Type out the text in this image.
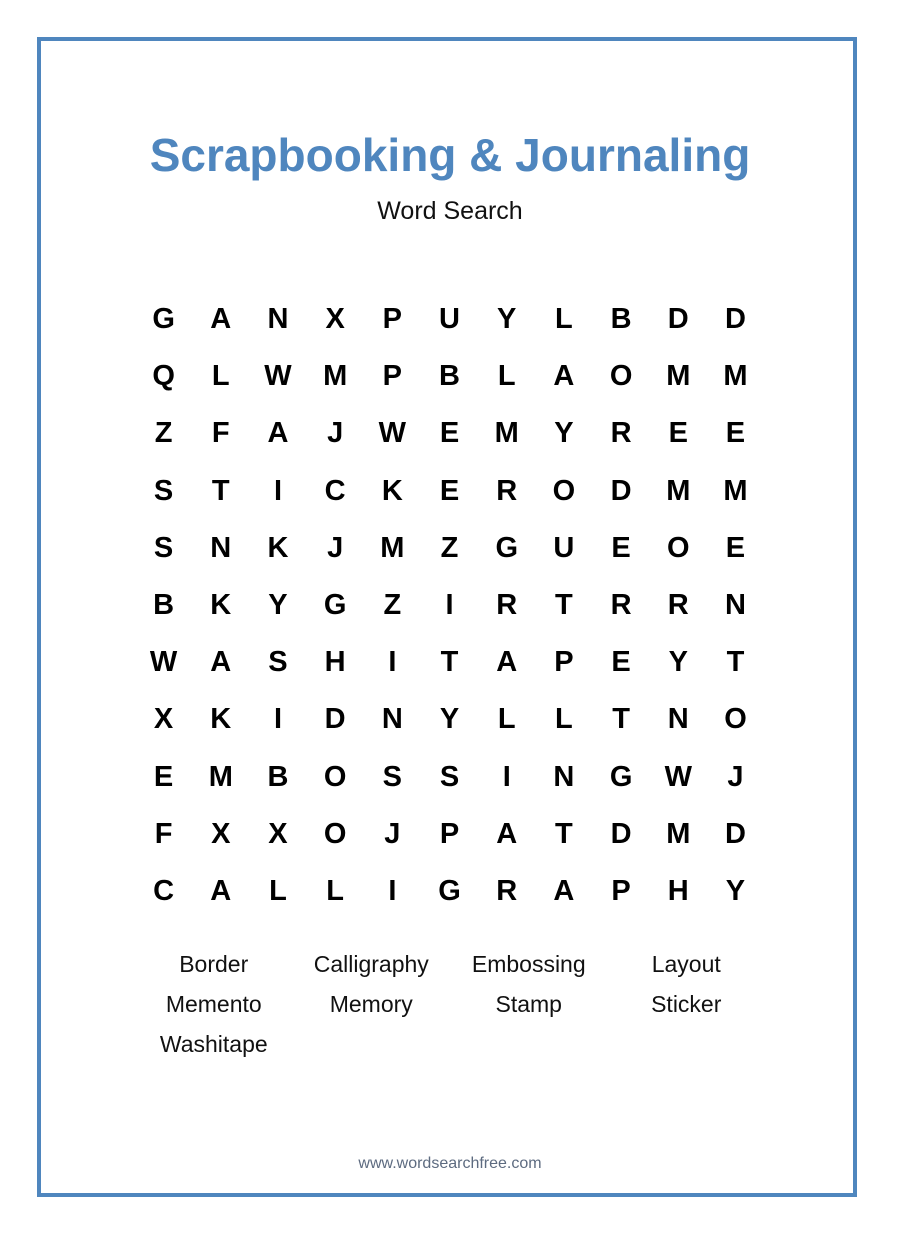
Scrapbooking & Journaling
Word Search
G	A	N	X	P	U	Y	L	B	D	D
Q	L	W	M	P	B	L	A	O	M	M
Z	F	A	J	W	E	M	Y	R	E	E
S	T	I	C	K	E	R	O	D	M	M
S	N	K	J	M	Z	G	U	E	O	E
B	K	Y	G	Z	I	R	T	R	R	N
W	A	S	H	I	T	A	P	E	Y	T
X	K	I	D	N	Y	L	L	T	N	O
E	M	B	O	S	S	I	N	G	W	J
F	X	X	O	J	P	A	T	D	M	D
C	A	L	L	I	G	R	A	P	H	Y
Border	Calligraphy	Embossing	Layout
Memento	Memory	Stamp	Sticker
Washitape
www.wordsearchfree.com
